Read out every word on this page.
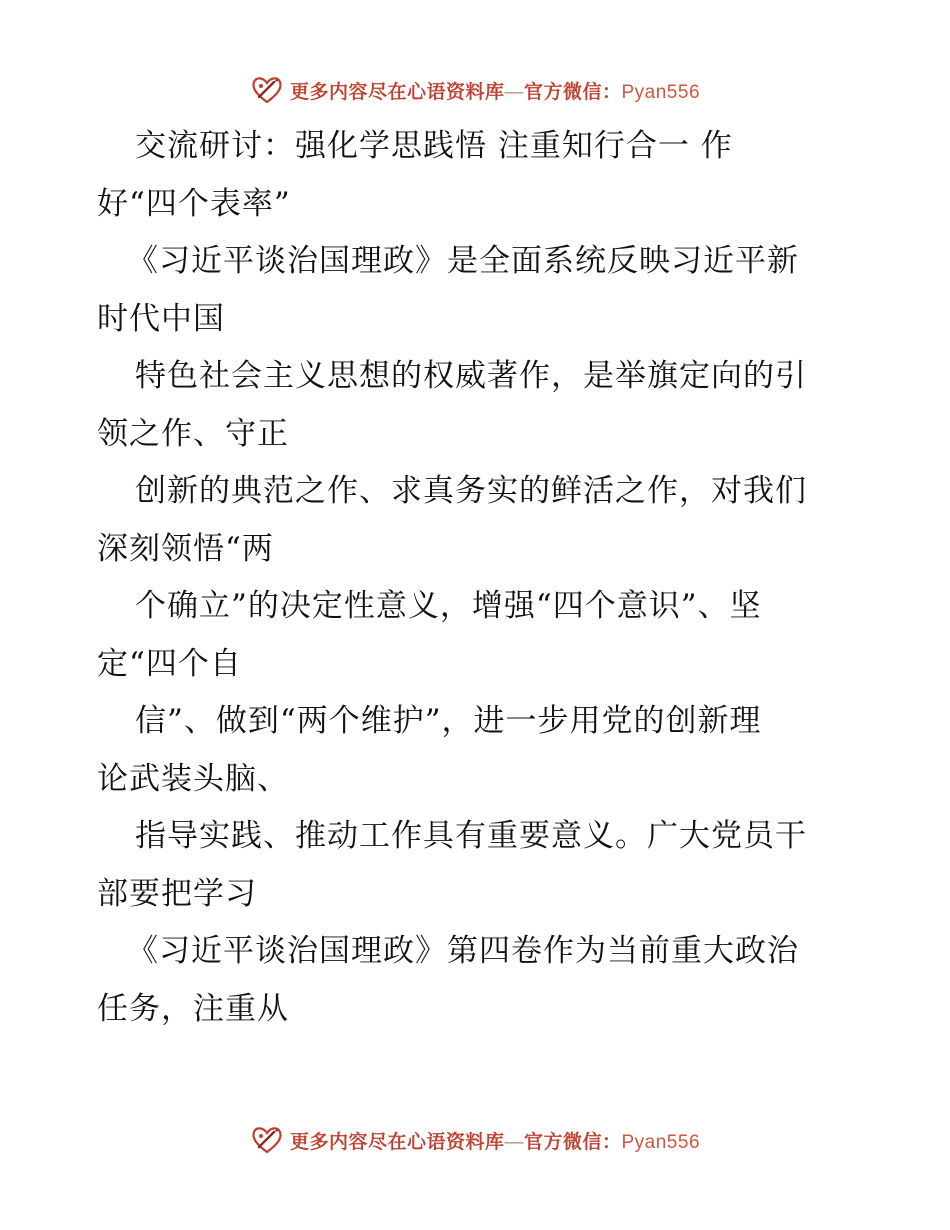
更多内容尽在心语资料库—官方微信：Pyan556
交流研讨：强化学思践悟 注重知行合一 作
好“四个表率”
《习近平谈治国理政》是全面系统反映习近平新
时代中国
特色社会主义思想的权威著作，是举旗定向的引
领之作、守正
创新的典范之作、求真务实的鲜活之作，对我们
深刻领悟“两
个确立”的决定性意义，增强“四个意识”、坚
定“四个自
信”、做到“两个维护”，进一步用党的创新理
论武装头脑、
指导实践、推动工作具有重要意义。广大党员干
部要把学习
《习近平谈治国理政》第四卷作为当前重大政治
任务，注重从
更多内容尽在心语资料库—官方微信：Pyan556
